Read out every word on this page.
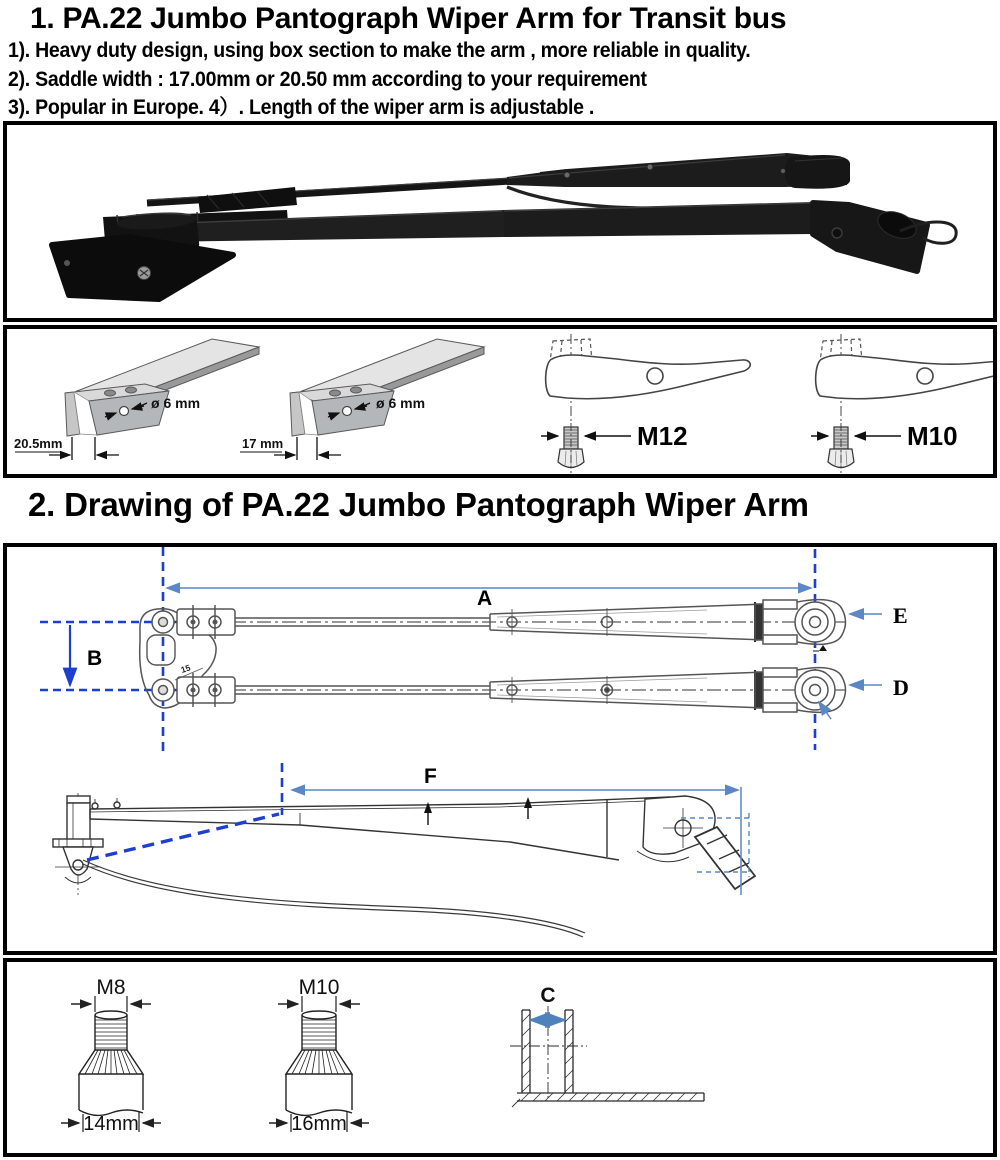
1. PA.22 Jumbo Pantograph Wiper Arm for Transit bus
1). Heavy duty design, using box section to make the arm , more reliable in quality.
2). Saddle width : 17.00mm or 20.50 mm according to your requirement
3). Popular in Europe. 4）. Length of the wiper arm is adjustable .
ø 6 mm
20.5mm
ø 6 mm
17 mm	M12	M10
2. Drawing of PA.22 Jumbo Pantograph Wiper Arm
A
B	15
E
D
F
M8
14mm
M10
16mm
C
